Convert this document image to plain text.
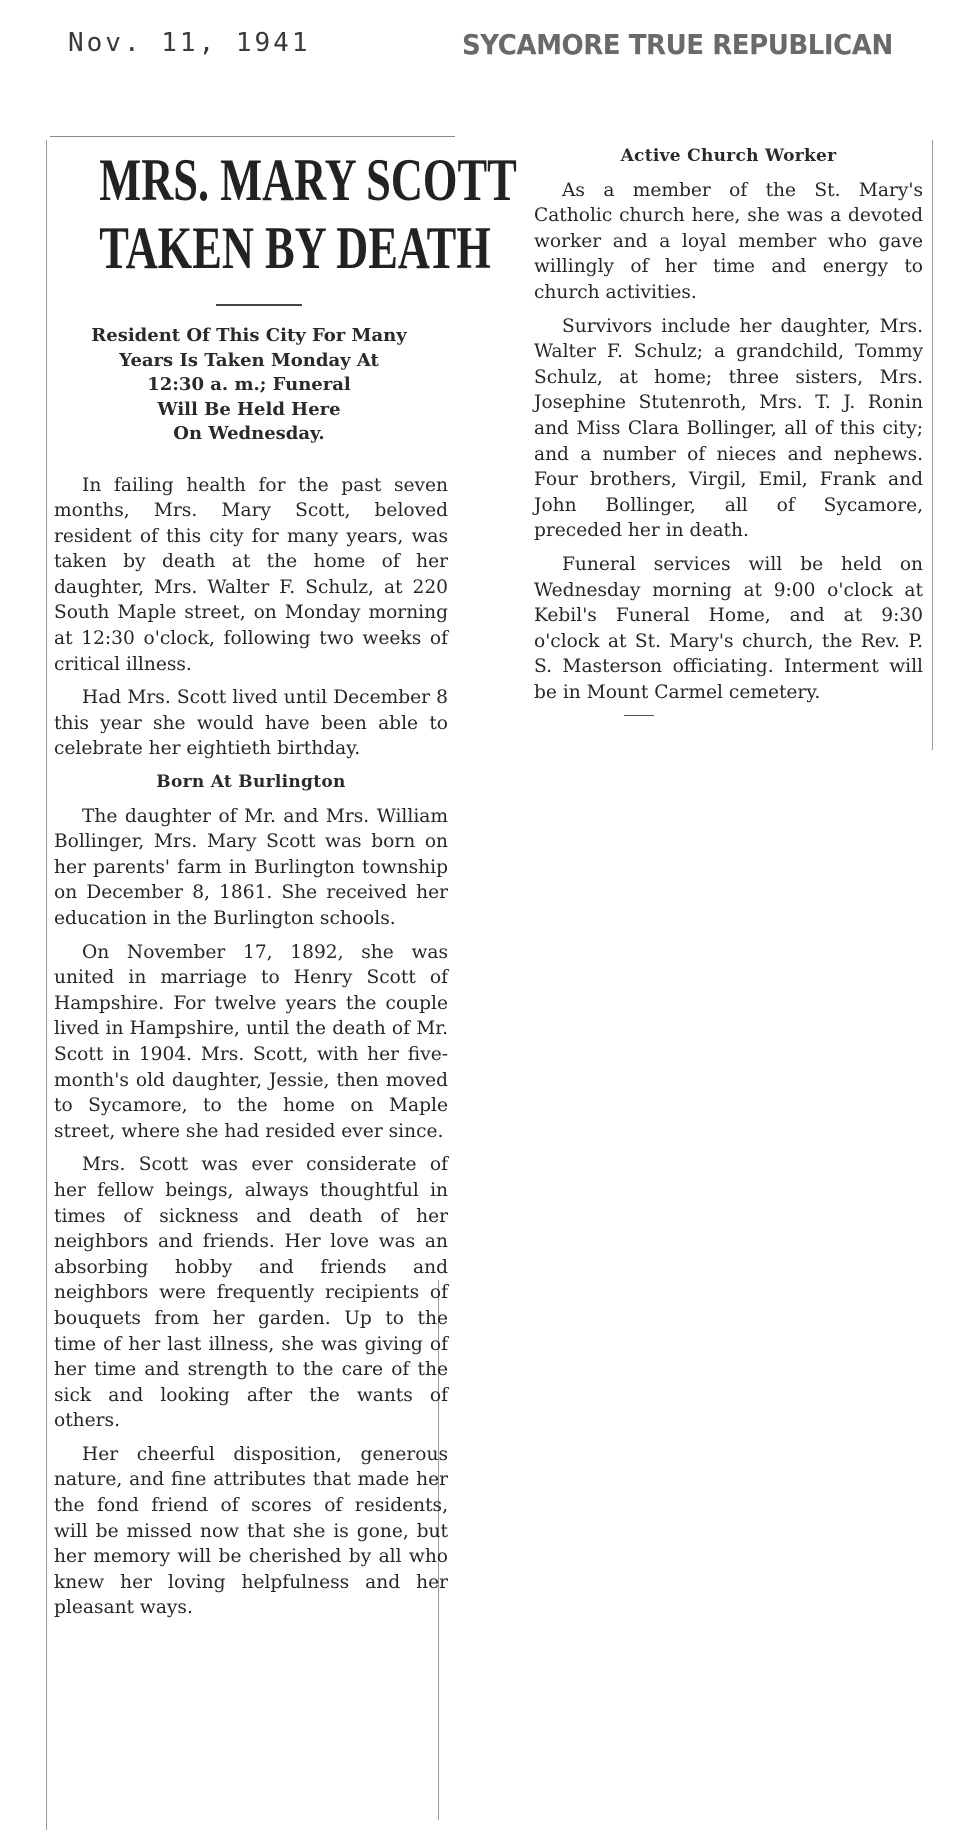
Nov. 11, 1941	SYCAMORE TRUE REPUBLICAN
MRS. MARY SCOTT
TAKEN BY DEATH
Resident Of This City For Many
Years Is Taken Monday At
12:30 a. m.; Funeral
Will Be Held Here
On Wednesday.

In failing health for the past seven months, Mrs. Mary Scott, beloved resident of this city for many years, was taken by death at the home of her daughter, Mrs. Walter F. Schulz, at 220 South Maple street, on Monday morning at 12:30 o'clock, following two weeks of critical illness.

Had Mrs. Scott lived until December 8 this year she would have been able to celebrate her eightieth birthday.

Born At Burlington

The daughter of Mr. and Mrs. William Bollinger, Mrs. Mary Scott was born on her parents' farm in Burlington township on December 8, 1861. She received her education in the Burlington schools.

On November 17, 1892, she was united in marriage to Henry Scott of Hampshire. For twelve years the couple lived in Hampshire, until the death of Mr. Scott in 1904. Mrs. Scott, with her five-month's old daughter, Jessie, then moved to Sycamore, to the home on Maple street, where she had resided ever since.

Mrs. Scott was ever considerate of her fellow beings, always thoughtful in times of sickness and death of her neighbors and friends. Her love was an absorbing hobby and friends and neighbors were frequently recipients of bouquets from her garden. Up to the time of her last illness, she was giving of her time and strength to the care of the sick and looking after the wants of others.

Her cheerful disposition, generous nature, and fine attributes that made her the fond friend of scores of residents, will be missed now that she is gone, but her memory will be cherished by all who knew her loving helpfulness and her pleasant ways.

Active Church Worker

As a member of the St. Mary's Catholic church here, she was a devoted worker and a loyal member who gave willingly of her time and energy to church activities.

Survivors include her daughter, Mrs. Walter F. Schulz; a grandchild, Tommy Schulz, at home; three sisters, Mrs. Josephine Stutenroth, Mrs. T. J. Ronin and Miss Clara Bollinger, all of this city; and a number of nieces and nephews. Four brothers, Virgil, Emil, Frank and John Bollinger, all of Sycamore, preceded her in death.

Funeral services will be held on Wednesday morning at 9:00 o'clock at Kebil's Funeral Home, and at 9:30 o'clock at St. Mary's church, the Rev. P. S. Masterson officiating. Interment will be in Mount Carmel cemetery.
